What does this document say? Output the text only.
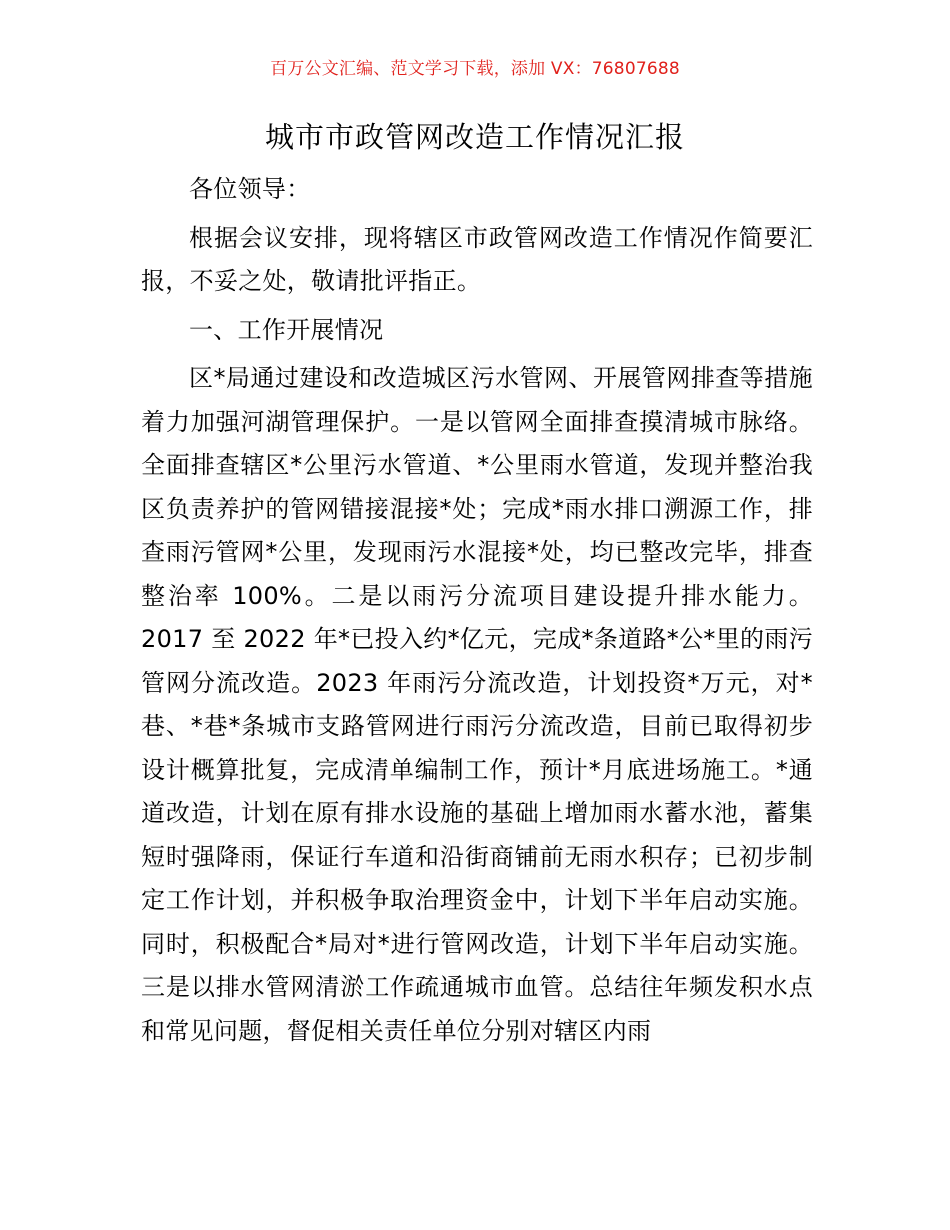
百万公文汇编、范文学习下载，添加 VX：76807688
城市市政管网改造工作情况汇报

各位领导：

根据会议安排，现将辖区市政管网改造工作情况作简要汇报，不妥之处，敬请批评指正。

一、工作开展情况

区*局通过建设和改造城区污水管网、开展管网排查等措施着力加强河湖管理保护。一是以管网全面排查摸清城市脉络。全面排查辖区*公里污水管道、*公里雨水管道，发现并整治我区负责养护的管网错接混接*处；完成*雨水排口溯源工作，排查雨污管网*公里，发现雨污水混接*处，均已整改完毕，排查整治率 100%。二是以雨污分流项目建设提升排水能力。2017 至 2022 年*已投入约*亿元，完成*条道路*公*里的雨污管网分流改造。2023 年雨污分流改造，计划投资*万元，对*巷、*巷*条城市支路管网进行雨污分流改造，目前已取得初步设计概算批复，完成清单编制工作，预计*月底进场施工。*通道改造，计划在原有排水设施的基础上增加雨水蓄水池，蓄集短时强降雨，保证行车道和沿街商铺前无雨水积存；已初步制定工作计划，并积极争取治理资金中，计划下半年启动实施。同时，积极配合*局对*进行管网改造，计划下半年启动实施。三是以排水管网清淤工作疏通城市血管。总结往年频发积水点和常见问题，督促相关责任单位分别对辖区内雨
